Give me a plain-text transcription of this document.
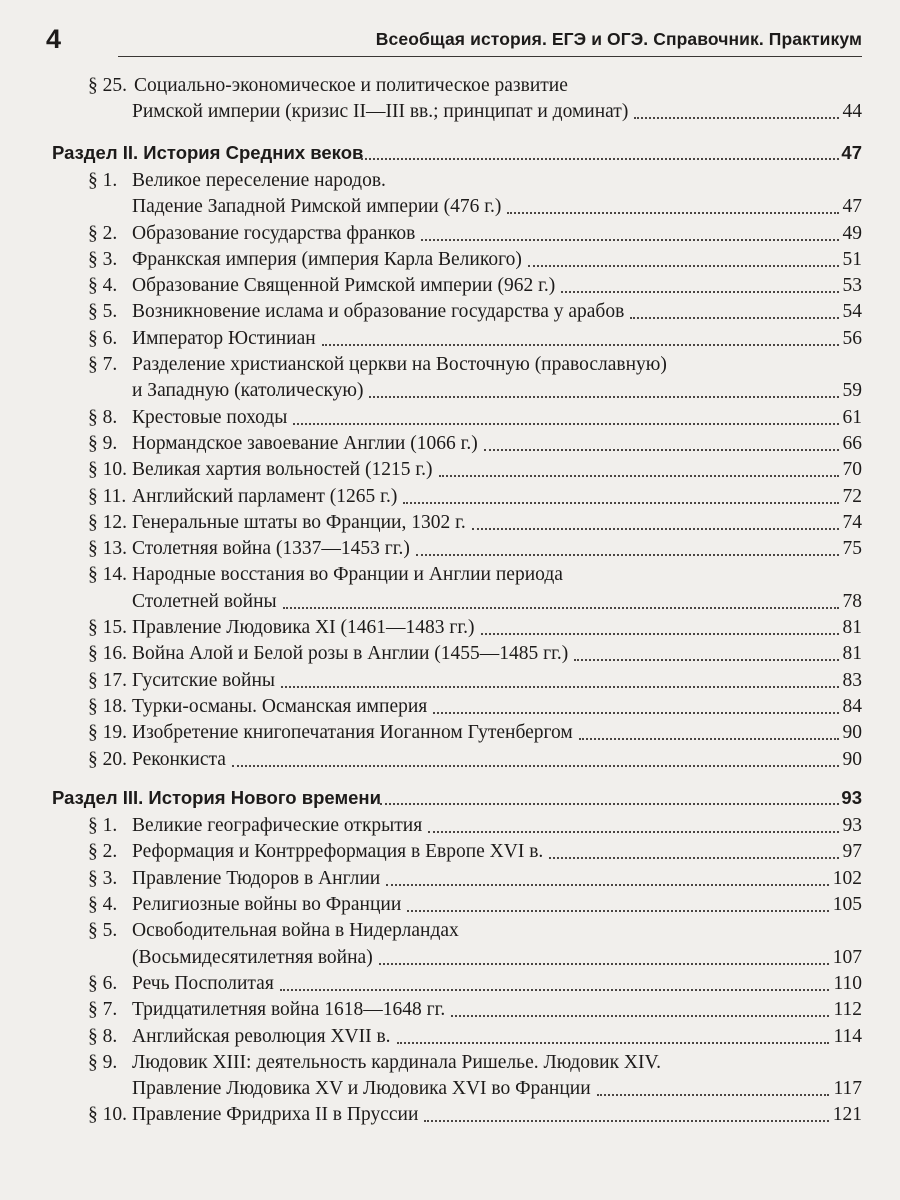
4	Всеобщая история. ЕГЭ и ОГЭ. Справочник. Практикум
§ 25. Социально-экономическое и политическое развитие
Римской империи (кризис II—III вв.; принципат и доминат)	44
Раздел II. История Средних веков	47
§ 1. Великое переселение народов.
Падение Западной Римской империи (476 г.)	47
§ 2. Образование государства франков	49
§ 3. Франкская империя (империя Карла Великого)	51
§ 4. Образование Священной Римской империи (962 г.)	53
§ 5. Возникновение ислама и образование государства у арабов	54
§ 6. Император Юстиниан	56
§ 7. Разделение христианской церкви на Восточную (православную)
и Западную (католическую)	59
§ 8. Крестовые походы	61
§ 9. Нормандское завоевание Англии (1066 г.)	66
§ 10. Великая хартия вольностей (1215 г.)	70
§ 11. Английский парламент (1265 г.)	72
§ 12. Генеральные штаты во Франции, 1302 г.	74
§ 13. Столетняя война (1337—1453 гг.)	75
§ 14. Народные восстания во Франции и Англии периода
Столетней войны	78
§ 15. Правление Людовика XI (1461—1483 гг.)	81
§ 16. Война Алой и Белой розы в Англии (1455—1485 гг.)	81
§ 17. Гуситские войны	83
§ 18. Турки-османы. Османская империя	84
§ 19. Изобретение книгопечатания Иоганном Гутенбергом	90
§ 20. Реконкиста	90
Раздел III. История Нового времени	93
§ 1. Великие географические открытия	93
§ 2. Реформация и Контрреформация в Европе XVI в.	97
§ 3. Правление Тюдоров в Англии	102
§ 4. Религиозные войны во Франции	105
§ 5. Освободительная война в Нидерландах
(Восьмидесятилетняя война)	107
§ 6. Речь Посполитая	110
§ 7. Тридцатилетняя война 1618—1648 гг.	112
§ 8. Английская революция XVII в.	114
§ 9. Людовик XIII: деятельность кардинала Ришелье. Людовик XIV.
Правление Людовика XV и Людовика XVI во Франции	117
§ 10. Правление Фридриха II в Пруссии	121
